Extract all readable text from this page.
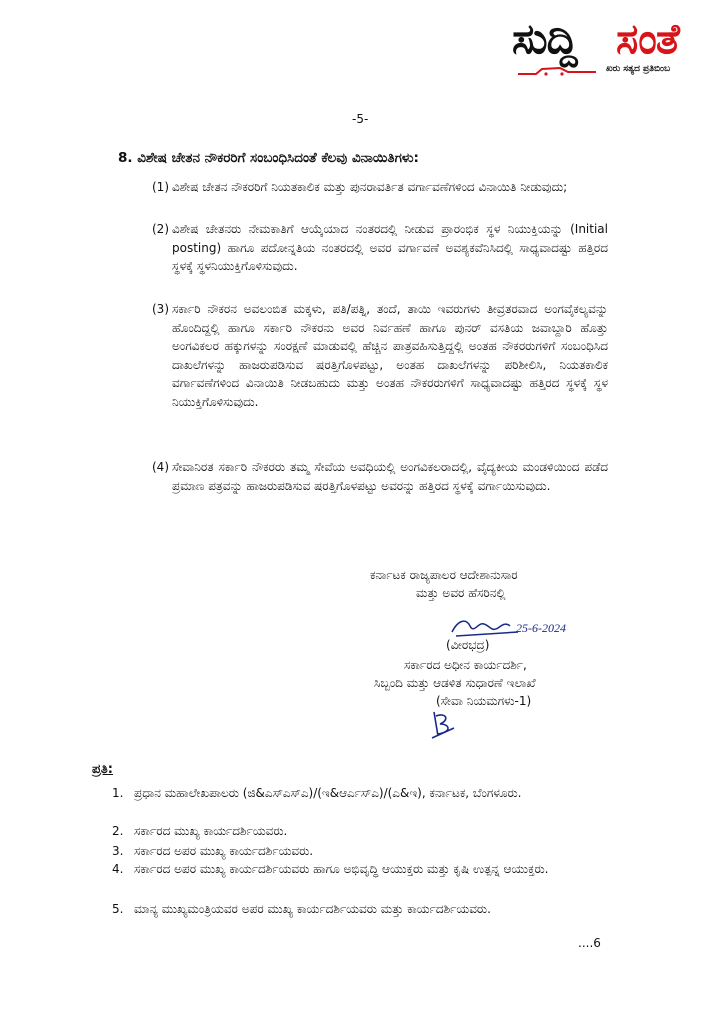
ಸುದ್ದಿ ಸಂತೆ
ಖರು ಸತ್ಯದ ಪ್ರತಿಬಿಂಬ
-5-
8. ವಿಶೇಷ ಚೇತನ ನೌಕರರಿಗೆ ಸಂಬಂಧಿಸಿದಂತೆ ಕೆಲವು ವಿನಾಯಿತಿಗಳು:
(1) ವಿಶೇಷ ಚೇತನ ನೌಕರರಿಗೆ ನಿಯತಕಾಲಿಕ ಮತ್ತು ಪುನರಾವರ್ತಿತ ವರ್ಗಾವಣೆಗಳಿಂದ ವಿನಾಯಿತಿ ನೀಡುವುದು;
(2) ವಿಶೇಷ ಚೇತನರು ನೇಮಕಾತಿಗೆ ಆಯ್ಕೆಯಾದ ನಂತರದಲ್ಲಿ ನೀಡುವ ಪ್ರಾರಂಭಿಕ ಸ್ಥಳ ನಿಯುಕ್ತಿಯನ್ನು (Initial posting) ಹಾಗೂ ಪದೋನ್ನತಿಯ ನಂತರದಲ್ಲಿ ಅವರ ವರ್ಗಾವಣೆ ಅವಶ್ಯಕವೆನಿಸಿದಲ್ಲಿ ಸಾಧ್ಯವಾದಷ್ಟು ಹತ್ತಿರದ ಸ್ಥಳಕ್ಕೆ ಸ್ಥಳನಿಯುಕ್ತಿಗೊಳಿಸುವುದು.
(3) ಸರ್ಕಾರಿ ನೌಕರನ ಅವಲಂಬಿತ ಮಕ್ಕಳು, ಪತಿ/ಪತ್ನಿ, ತಂದೆ, ತಾಯಿ ಇವರುಗಳು ತೀವ್ರತರವಾದ ಅಂಗವೈಕಲ್ಯವನ್ನು ಹೊಂದಿದ್ದಲ್ಲಿ ಹಾಗೂ ಸರ್ಕಾರಿ ನೌಕರನು ಅವರ ನಿರ್ವಹಣೆ ಹಾಗೂ ಪುನರ್ ವಸತಿಯ ಜವಾಬ್ದಾರಿ ಹೊತ್ತು ಅಂಗವಿಕಲರ ಹಕ್ಕುಗಳನ್ನು ಸಂರಕ್ಷಣೆ ಮಾಡುವಲ್ಲಿ ಹೆಚ್ಚಿನ ಪಾತ್ರವಹಿಸುತ್ತಿದ್ದಲ್ಲಿ ಅಂತಹ ನೌಕರರುಗಳಿಗೆ ಸಂಬಂಧಿಸಿದ ದಾಖಲೆಗಳನ್ನು ಹಾಜರುಪಡಿಸುವ ಷರತ್ತಿಗೊಳಪಟ್ಟು, ಅಂತಹ ದಾಖಲೆಗಳನ್ನು ಪರಿಶೀಲಿಸಿ, ನಿಯತಕಾಲಿಕ ವರ್ಗಾವಣೆಗಳಿಂದ ವಿನಾಯಿತಿ ನೀಡಬಹುದು ಮತ್ತು ಅಂತಹ ನೌಕರರುಗಳಿಗೆ ಸಾಧ್ಯವಾದಷ್ಟು ಹತ್ತಿರದ ಸ್ಥಳಕ್ಕೆ ಸ್ಥಳ ನಿಯುಕ್ತಿಗೊಳಿಸುವುದು.
(4) ಸೇವಾನಿರತ ಸರ್ಕಾರಿ ನೌಕರರು ತಮ್ಮ ಸೇವೆಯ ಅವಧಿಯಲ್ಲಿ ಅಂಗವಿಕಲರಾದಲ್ಲಿ, ವೈದ್ಯಕೀಯ ಮಂಡಳಿಯಿಂದ ಪಡೆದ ಪ್ರಮಾಣ ಪತ್ರವನ್ನು ಹಾಜರುಪಡಿಸುವ ಷರತ್ತಿಗೊಳಪಟ್ಟು ಅವರನ್ನು ಹತ್ತಿರದ ಸ್ಥಳಕ್ಕೆ ವರ್ಗಾಯಿಸುವುದು.
ಕರ್ನಾಟಕ ರಾಜ್ಯಪಾಲರ ಆದೇಶಾನುಸಾರ
ಮತ್ತು ಅವರ ಹೆಸರಿನಲ್ಲಿ
25-6-2024
(ವೀರಭದ್ರ)
ಸರ್ಕಾರದ ಅಧೀನ ಕಾರ್ಯದರ್ಶಿ,
ಸಿಬ್ಬಂದಿ ಮತ್ತು ಆಡಳಿತ ಸುಧಾರಣೆ ಇಲಾಖೆ
(ಸೇವಾ ನಿಯಮಗಳು-1)
ಪ್ರತಿ:
1. ಪ್ರಧಾನ ಮಹಾಲೇಖಪಾಲರು (ಜಿ&ಎಸ್ಎಸ್ಎ)/(ಇ&ಆರ್ಎಸ್ಎ)/(ಎ&ಇ), ಕರ್ನಾಟಕ, ಬೆಂಗಳೂರು.
2. ಸರ್ಕಾರದ ಮುಖ್ಯ ಕಾರ್ಯದರ್ಶಿಯವರು.
3. ಸರ್ಕಾರದ ಅಪರ ಮುಖ್ಯ ಕಾರ್ಯದರ್ಶಿಯವರು.
4. ಸರ್ಕಾರದ ಅಪರ ಮುಖ್ಯ ಕಾರ್ಯದರ್ಶಿಯವರು ಹಾಗೂ ಅಭಿವೃದ್ಧಿ ಆಯುಕ್ತರು ಮತ್ತು ಕೃಷಿ ಉತ್ಪನ್ನ ಆಯುಕ್ತರು.
5. ಮಾನ್ಯ ಮುಖ್ಯಮಂತ್ರಿಯವರ ಅಪರ ಮುಖ್ಯ ಕಾರ್ಯದರ್ಶಿಯವರು ಮತ್ತು ಕಾರ್ಯದರ್ಶಿಯವರು.
....6
